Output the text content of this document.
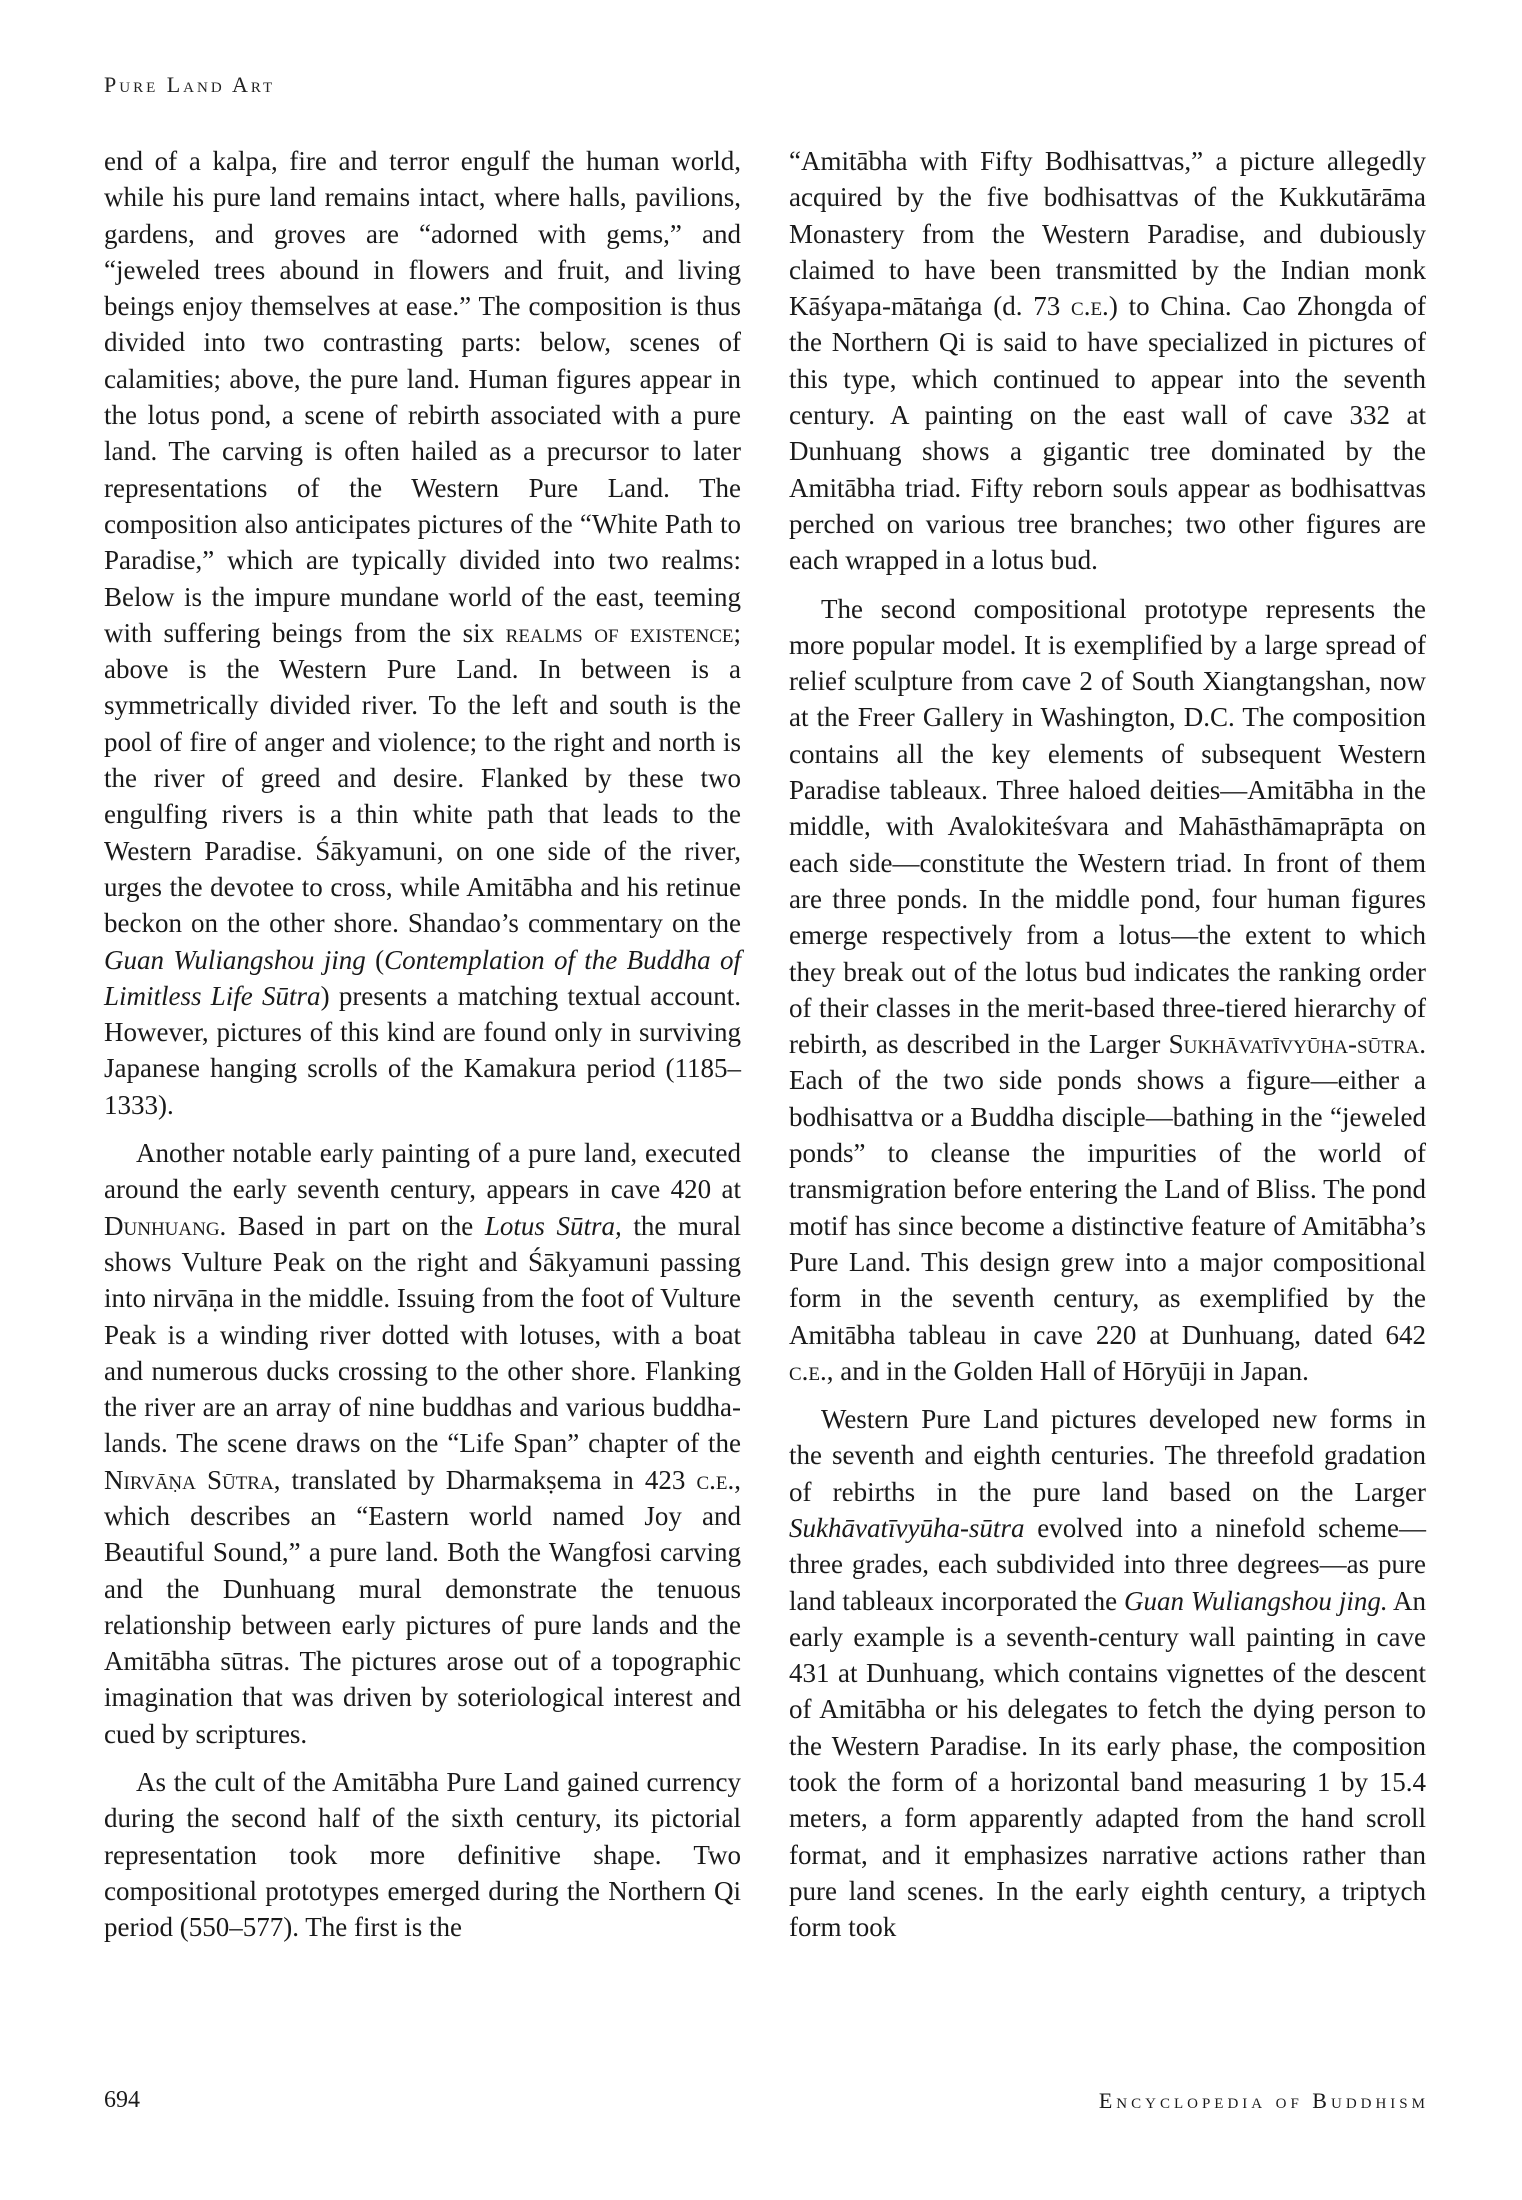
Pure Land Art

end of a kalpa, fire and terror engulf the human world, while his pure land remains intact, where halls, pavilions, gardens, and groves are “adorned with gems,” and “jeweled trees abound in flowers and fruit, and living beings enjoy themselves at ease.” The composition is thus divided into two contrasting parts: below, scenes of calamities; above, the pure land. Human figures appear in the lotus pond, a scene of rebirth associated with a pure land. The carving is often hailed as a precursor to later representations of the Western Pure Land. The composition also anticipates pictures of the “White Path to Paradise,” which are typically divided into two realms: Below is the impure mundane world of the east, teeming with suffering beings from the six realms of existence; above is the Western Pure Land. In between is a symmetrically divided river. To the left and south is the pool of fire of anger and violence; to the right and north is the river of greed and desire. Flanked by these two engulfing rivers is a thin white path that leads to the Western Paradise. Śākyamuni, on one side of the river, urges the devotee to cross, while Amitābha and his retinue beckon on the other shore. Shandao’s commentary on the Guan Wuliangshou jing (Contemplation of the Buddha of Limitless Life Sūtra) presents a matching textual account. However, pictures of this kind are found only in surviving Japanese hanging scrolls of the Kamakura period (1185–1333).

Another notable early painting of a pure land, executed around the early seventh century, appears in cave 420 at Dunhuang. Based in part on the Lotus Sūtra, the mural shows Vulture Peak on the right and Śākyamuni passing into nirvāṇa in the middle. Issuing from the foot of Vulture Peak is a winding river dotted with lotuses, with a boat and numerous ducks crossing to the other shore. Flanking the river are an array of nine buddhas and various buddha-lands. The scene draws on the “Life Span” chapter of the Nirvāṇa Sūtra, translated by Dharmakṣema in 423 c.e., which describes an “Eastern world named Joy and Beautiful Sound,” a pure land. Both the Wangfosi carving and the Dunhuang mural demonstrate the tenuous relationship between early pictures of pure lands and the Amitābha sūtras. The pictures arose out of a topographic imagination that was driven by soteriological interest and cued by scriptures.

As the cult of the Amitābha Pure Land gained currency during the second half of the sixth century, its pictorial representation took more definitive shape. Two compositional prototypes emerged during the Northern Qi period (550–577). The first is the

“Amitābha with Fifty Bodhisattvas,” a picture allegedly acquired by the five bodhisattvas of the Kukkutārāma Monastery from the Western Paradise, and dubiously claimed to have been transmitted by the Indian monk Kāśyapa-mātaṅga (d. 73 c.e.) to China. Cao Zhongda of the Northern Qi is said to have specialized in pictures of this type, which continued to appear into the seventh century. A painting on the east wall of cave 332 at Dunhuang shows a gigantic tree dominated by the Amitābha triad. Fifty reborn souls appear as bodhisattvas perched on various tree branches; two other figures are each wrapped in a lotus bud.

The second compositional prototype represents the more popular model. It is exemplified by a large spread of relief sculpture from cave 2 of South Xiangtangshan, now at the Freer Gallery in Washington, D.C. The composition contains all the key elements of subsequent Western Paradise tableaux. Three haloed deities—Amitābha in the middle, with Avalokiteśvara and Mahāsthāmaprāpta on each side—constitute the Western triad. In front of them are three ponds. In the middle pond, four human figures emerge respectively from a lotus—the extent to which they break out of the lotus bud indicates the ranking order of their classes in the merit-based three-tiered hierarchy of rebirth, as described in the Larger Sukhāvatīvyūha-sūtra. Each of the two side ponds shows a figure—either a bodhisattva or a Buddha disciple—bathing in the “jeweled ponds” to cleanse the impurities of the world of transmigration before entering the Land of Bliss. The pond motif has since become a distinctive feature of Amitābha’s Pure Land. This design grew into a major compositional form in the seventh century, as exemplified by the Amitābha tableau in cave 220 at Dunhuang, dated 642 c.e., and in the Golden Hall of Hōryūji in Japan.

Western Pure Land pictures developed new forms in the seventh and eighth centuries. The threefold gradation of rebirths in the pure land based on the Larger Sukhāvatīvyūha-sūtra evolved into a ninefold scheme—three grades, each subdivided into three degrees—as pure land tableaux incorporated the Guan Wuliangshou jing. An early example is a seventh-century wall painting in cave 431 at Dunhuang, which contains vignettes of the descent of Amitābha or his delegates to fetch the dying person to the Western Paradise. In its early phase, the composition took the form of a horizontal band measuring 1 by 15.4 meters, a form apparently adapted from the hand scroll format, and it emphasizes narrative actions rather than pure land scenes. In the early eighth century, a triptych form took

694	Encyclopedia of Buddhism
